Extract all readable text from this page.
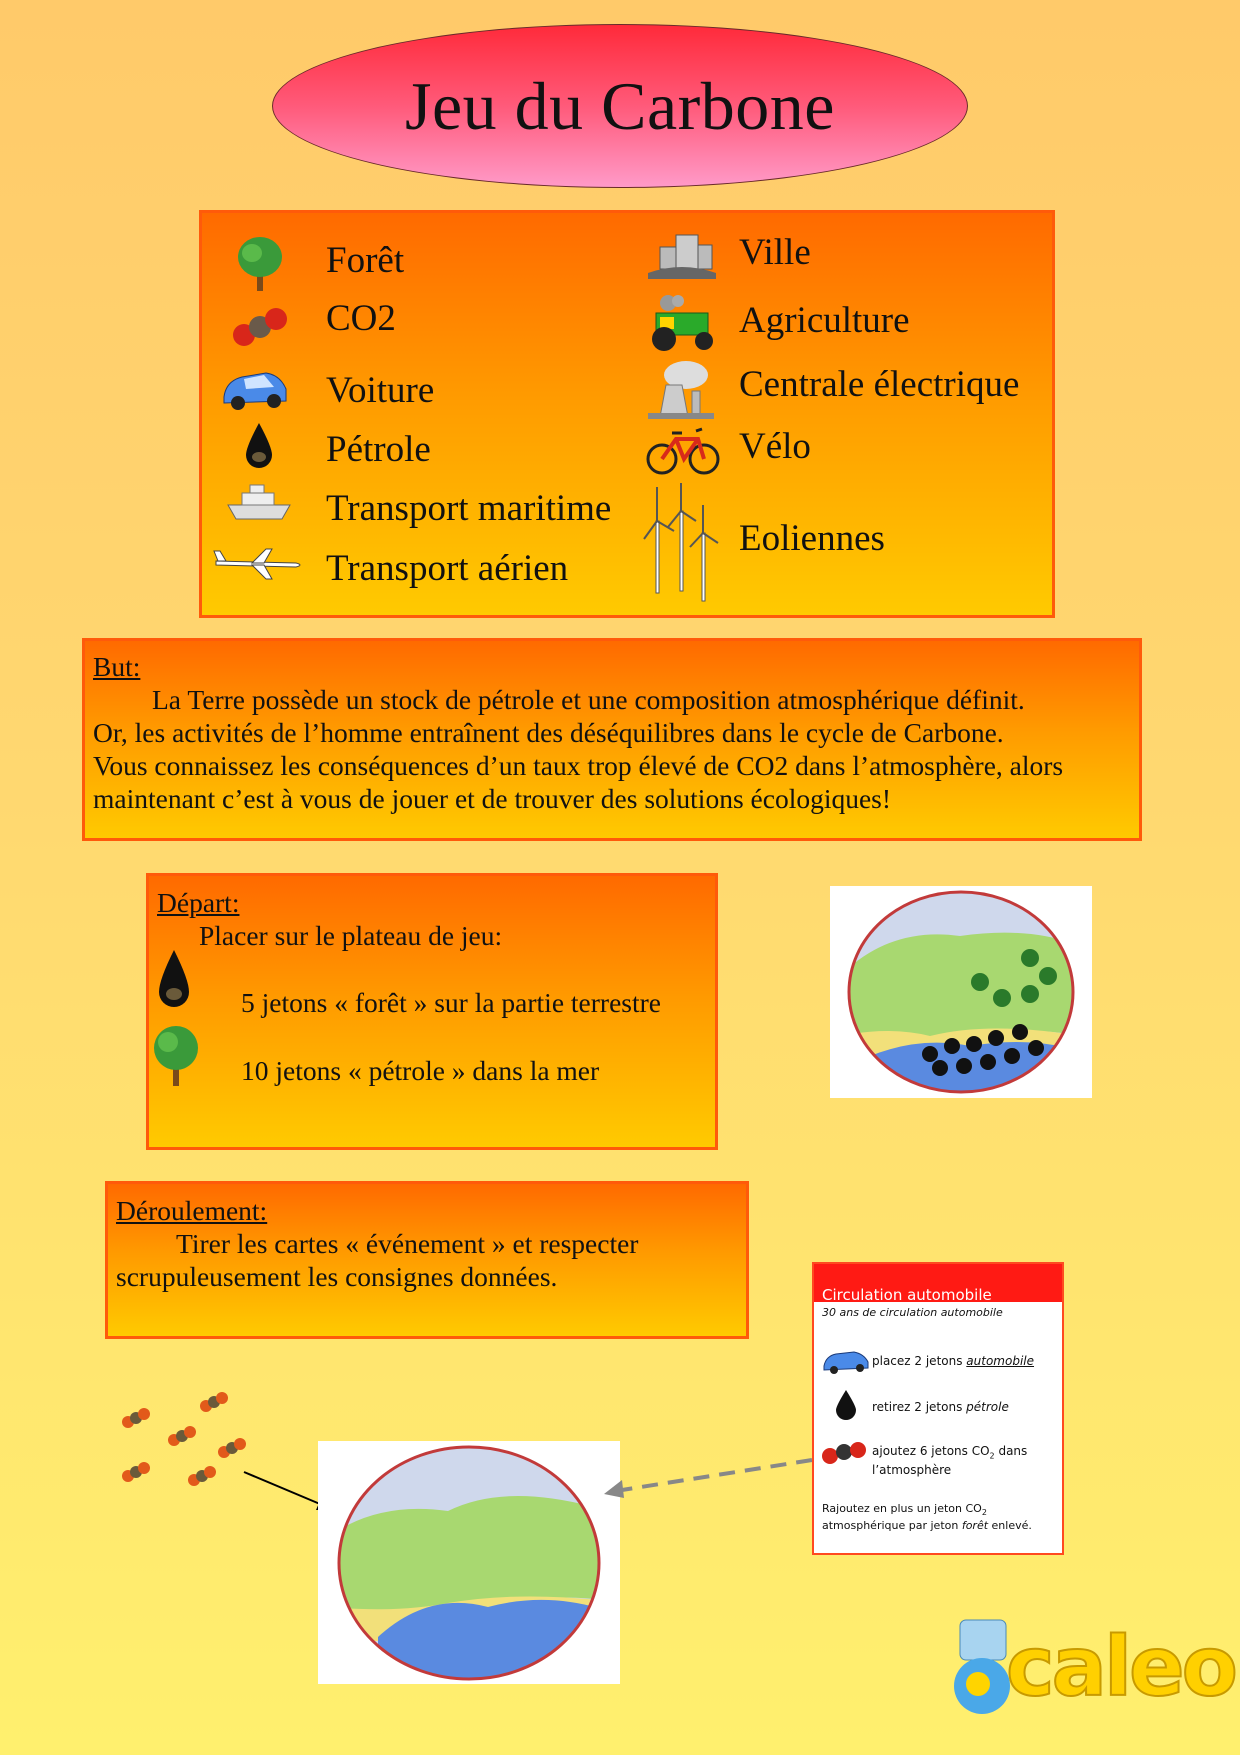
Jeu du Carbone
Forêt
CO2
Voiture
Pétrole
Transport maritime
Transport aérien
Ville
Agriculture
Centrale électrique
Vélo
Eoliennes
But:
La Terre possède un stock de pétrole et une composition atmosphérique définit.
Or, les activités de l’homme entraînent des déséquilibres dans le cycle de Carbone.
Vous connaissez les conséquences d’un taux trop élevé de CO2 dans l’atmosphère, alors
maintenant c’est à vous de jouer et de trouver des solutions écologiques!
Départ:
Placer sur le plateau de jeu:
5 jetons « forêt » sur la partie terrestre
10 jetons « pétrole » dans la mer
Déroulement:
Tirer les cartes « événement » et respecter
scrupuleusement les consignes données.
Circulation automobile
30 ans de circulation automobile
placez 2 jetons automobile
retirez 2 jetons pétrole
ajoutez 6 jetons $CO_2$ dans l’atmosphère
Rajoutez en plus un jeton $CO_2$ atmosphérique par jeton forêt enlevé.
caleo
